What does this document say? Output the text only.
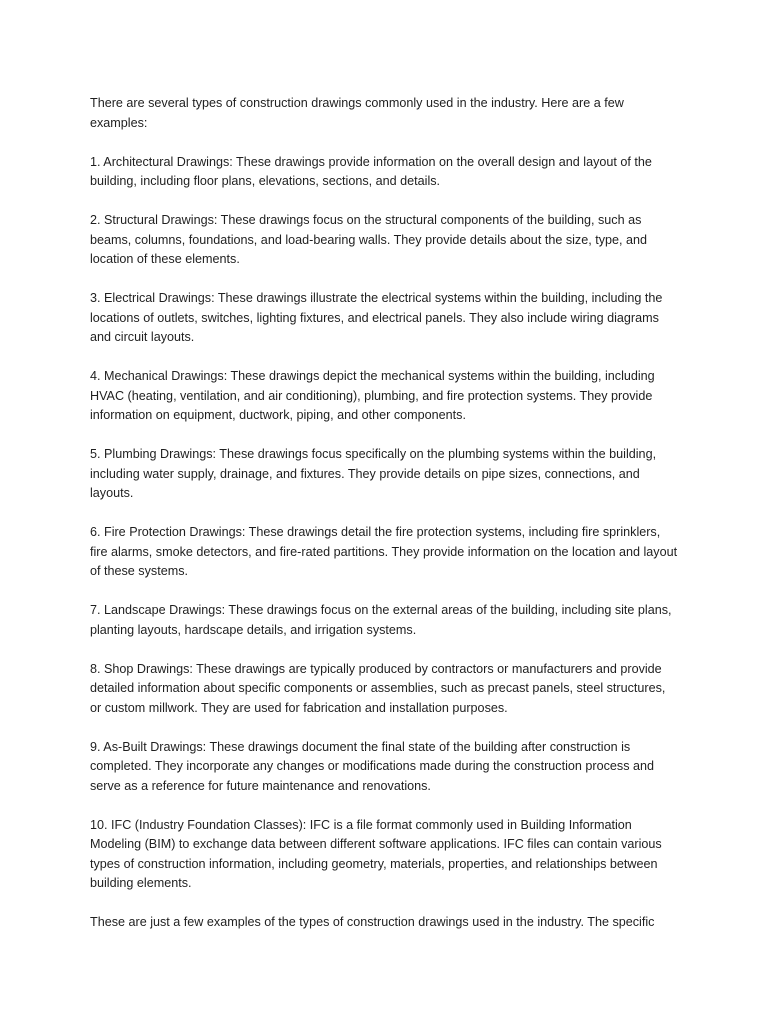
There are several types of construction drawings commonly used in the industry. Here are a few examples:

1. Architectural Drawings: These drawings provide information on the overall design and layout of the building, including floor plans, elevations, sections, and details.

2. Structural Drawings: These drawings focus on the structural components of the building, such as beams, columns, foundations, and load-bearing walls. They provide details about the size, type, and location of these elements.

3. Electrical Drawings: These drawings illustrate the electrical systems within the building, including the locations of outlets, switches, lighting fixtures, and electrical panels. They also include wiring diagrams and circuit layouts.

4. Mechanical Drawings: These drawings depict the mechanical systems within the building, including HVAC (heating, ventilation, and air conditioning), plumbing, and fire protection systems. They provide information on equipment, ductwork, piping, and other components.

5. Plumbing Drawings: These drawings focus specifically on the plumbing systems within the building, including water supply, drainage, and fixtures. They provide details on pipe sizes, connections, and layouts.

6. Fire Protection Drawings: These drawings detail the fire protection systems, including fire sprinklers, fire alarms, smoke detectors, and fire-rated partitions. They provide information on the location and layout of these systems.

7. Landscape Drawings: These drawings focus on the external areas of the building, including site plans, planting layouts, hardscape details, and irrigation systems.

8. Shop Drawings: These drawings are typically produced by contractors or manufacturers and provide detailed information about specific components or assemblies, such as precast panels, steel structures, or custom millwork. They are used for fabrication and installation purposes.

9. As-Built Drawings: These drawings document the final state of the building after construction is completed. They incorporate any changes or modifications made during the construction process and serve as a reference for future maintenance and renovations.

10. IFC (Industry Foundation Classes): IFC is a file format commonly used in Building Information Modeling (BIM) to exchange data between different software applications. IFC files can contain various types of construction information, including geometry, materials, properties, and relationships between building elements.

These are just a few examples of the types of construction drawings used in the industry. The specific
